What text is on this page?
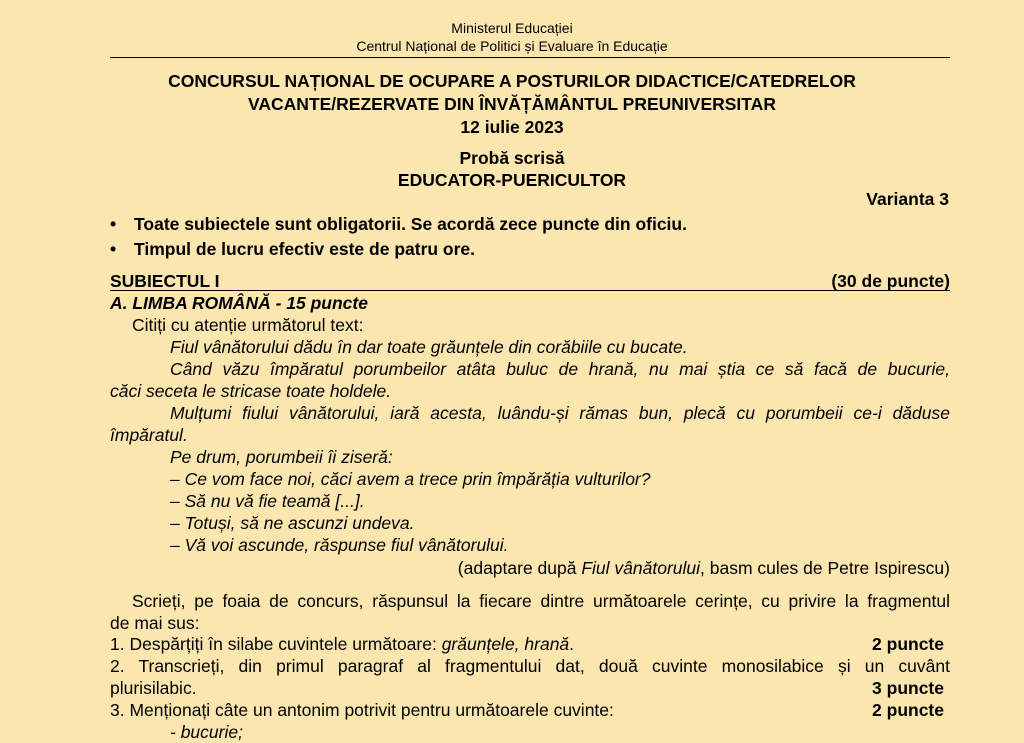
Ministerul Educației
Centrul Național de Politici și Evaluare în Educație
CONCURSUL NAȚIONAL DE OCUPARE A POSTURILOR DIDACTICE/CATEDRELOR
VACANTE/REZERVATE DIN ÎNVĂȚĂMÂNTUL PREUNIVERSITAR
12 iulie 2023
Probă scrisă
EDUCATOR-PUERICULTOR
Varianta 3
• Toate subiectele sunt obligatorii. Se acordă zece puncte din oficiu.
• Timpul de lucru efectiv este de patru ore.
SUBIECTUL I	(30 de puncte)
A. LIMBA ROMÂNĂ - 15 puncte
Citiți cu atenție următorul text:
Fiul vânătorului dădu în dar toate grăunțele din corăbiile cu bucate.
Când văzu împăratul porumbeilor atâta buluc de hrană, nu mai știa ce să facă de bucurie,
căci seceta le stricase toate holdele.
Mulțumi fiului vânătorului, iară acesta, luându-și rămas bun, plecă cu porumbeii ce-i dăduse
împăratul.
Pe drum, porumbeii îi ziseră:
– Ce vom face noi, căci avem a trece prin împărăția vulturilor?
– Să nu vă fie teamă [...].
– Totuși, să ne ascunzi undeva.
– Vă voi ascunde, răspunse fiul vânătorului.
(adaptare după Fiul vânătorului, basm cules de Petre Ispirescu)
Scrieți, pe foaia de concurs, răspunsul la fiecare dintre următoarele cerințe, cu privire la fragmentul
de mai sus:
1. Despărțiți în silabe cuvintele următoare: grăunțele, hrană.	2 puncte
2. Transcrieți, din primul paragraf al fragmentului dat, două cuvinte monosilabice și un cuvânt
plurisilabic.	3 puncte
3. Menționați câte un antonim potrivit pentru următoarele cuvinte:	2 puncte
- bucurie;
